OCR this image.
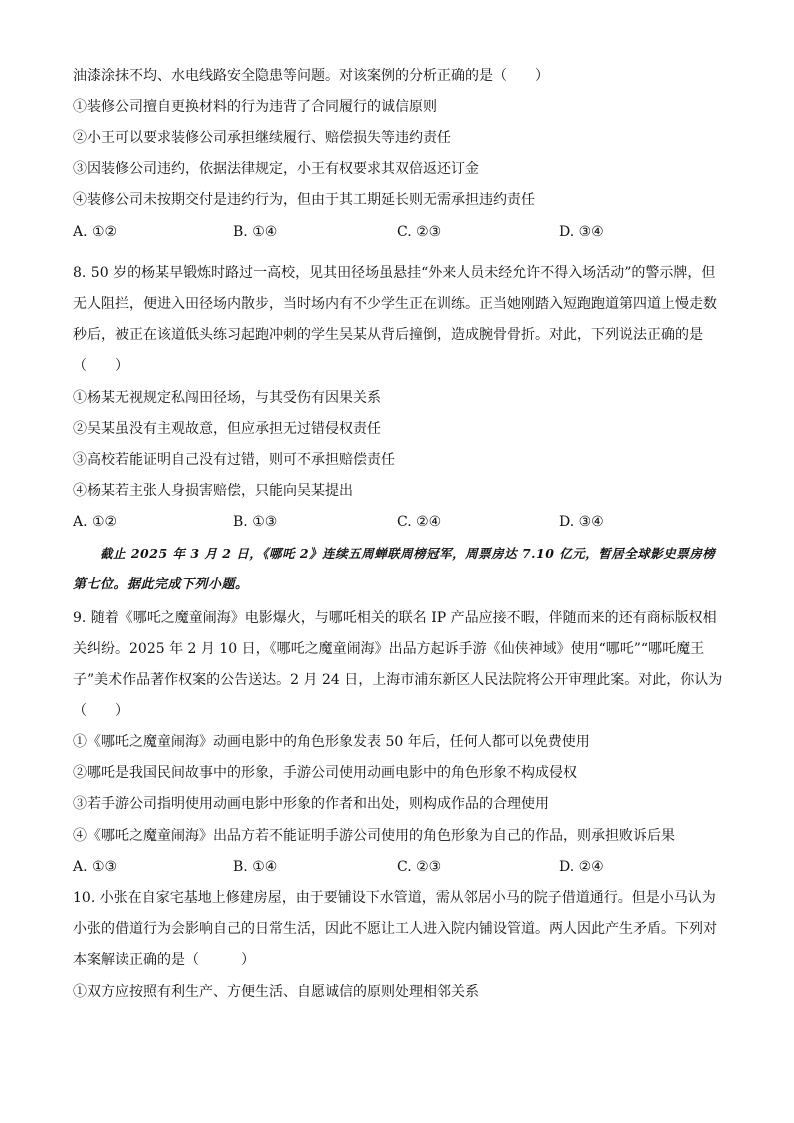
油漆涂抹不均、水电线路安全隐患等问题。对该案例的分析正确的是（　　）
①装修公司擅自更换材料的行为违背了合同履行的诚信原则
②小王可以要求装修公司承担继续履行、赔偿损失等违约责任
③因装修公司违约，依据法律规定，小王有权要求其双倍返还订金
④装修公司未按期交付是违约行为，但由于其工期延长则无需承担违约责任
A. ①②	B. ①④	C. ②③	D. ③④
8. 50 岁的杨某早锻炼时路过一高校，见其田径场虽悬挂“外来人员未经允许不得入场活动”的警示牌，但
无人阻拦，便进入田径场内散步，当时场内有不少学生正在训练。正当她刚踏入短跑跑道第四道上慢走数
秒后，被正在该道低头练习起跑冲刺的学生吴某从背后撞倒，造成腕骨骨折。对此，下列说法正确的是
（　　）
①杨某无视规定私闯田径场，与其受伤有因果关系
②吴某虽没有主观故意，但应承担无过错侵权责任
③高校若能证明自己没有过错，则可不承担赔偿责任
④杨某若主张人身损害赔偿，只能向吴某提出
A. ①②	B. ①③	C. ②④	D. ③④
截止 2025 年 3 月 2 日，《哪吒 2》连续五周蝉联周榜冠军，周票房达 7.10 亿元，暂居全球影史票房榜
第七位。据此完成下列小题。
9. 随着《哪吒之魔童闹海》电影爆火，与哪吒相关的联名 IP 产品应接不暇，伴随而来的还有商标版权相
关纠纷。2025 年 2 月 10 日，《哪吒之魔童闹海》出品方起诉手游《仙侠神域》使用“哪吒”“哪吒魔王
子”美术作品著作权案的公告送达。2 月 24 日，上海市浦东新区人民法院将公开审理此案。对此，你认为
（　　）
①《哪吒之魔童闹海》动画电影中的角色形象发表 50 年后，任何人都可以免费使用
②哪吒是我国民间故事中的形象，手游公司使用动画电影中的角色形象不构成侵权
③若手游公司指明使用动画电影中形象的作者和出处，则构成作品的合理使用
④《哪吒之魔童闹海》出品方若不能证明手游公司使用的角色形象为自己的作品，则承担败诉后果
A. ①③	B. ①④	C. ②③	D. ②④
10. 小张在自家宅基地上修建房屋，由于要铺设下水管道，需从邻居小马的院子借道通行。但是小马认为
小张的借道行为会影响自己的日常生活，因此不愿让工人进入院内铺设管道。两人因此产生矛盾。下列对
本案解读正确的是（　　　）
①双方应按照有利生产、方便生活、自愿诚信的原则处理相邻关系
